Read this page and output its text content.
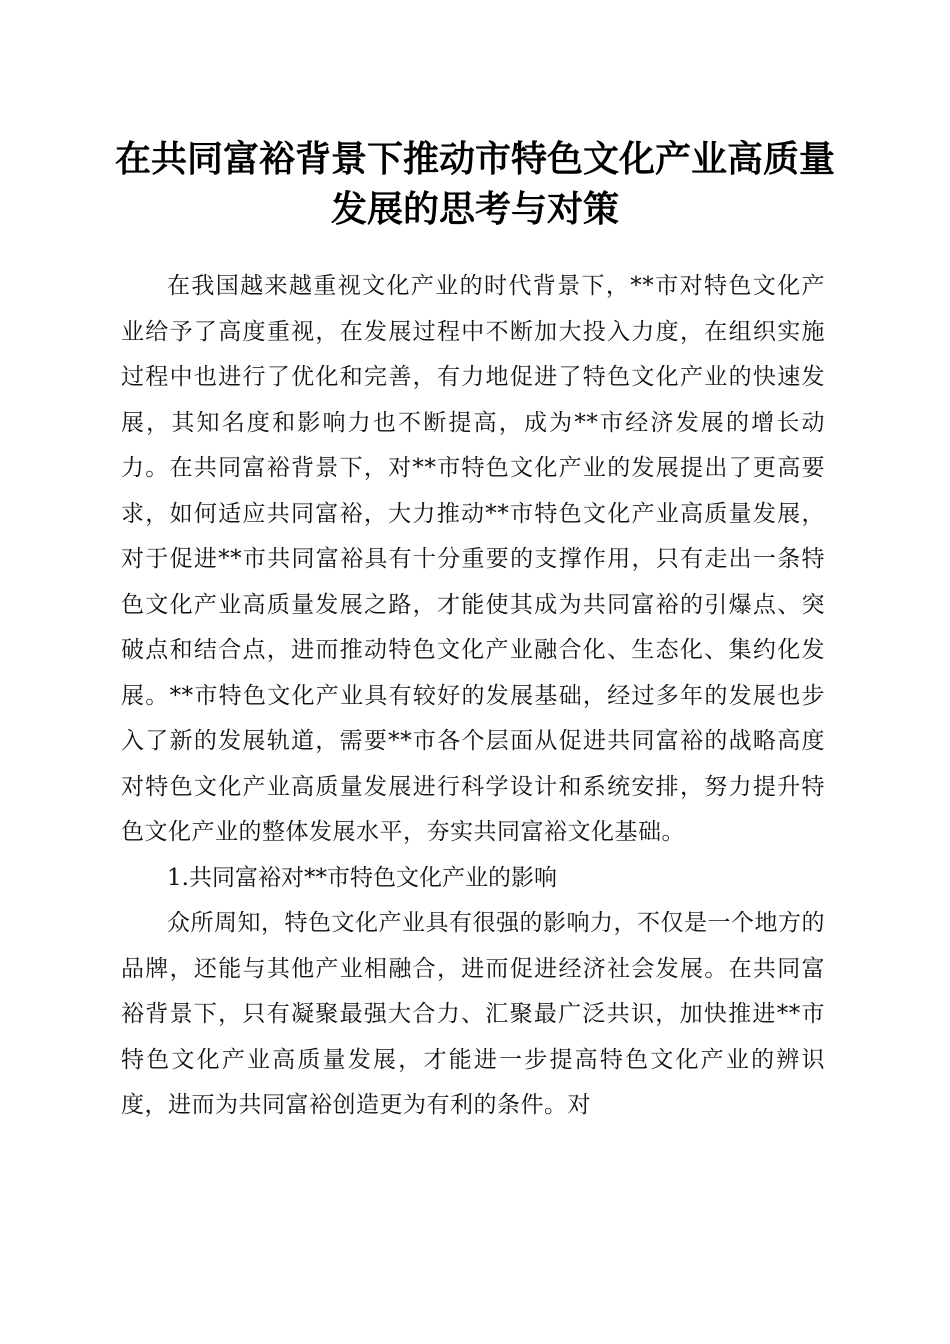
在共同富裕背景下推动市特色文化产业高质量
发展的思考与对策

在我国越来越重视文化产业的时代背景下，**市对特色文化产业给予了高度重视，在发展过程中不断加大投入力度，在组织实施过程中也进行了优化和完善，有力地促进了特色文化产业的快速发展，其知名度和影响力也不断提高，成为**市经济发展的增长动力。在共同富裕背景下，对**市特色文化产业的发展提出了更高要求，如何适应共同富裕，大力推动**市特色文化产业高质量发展，对于促进**市共同富裕具有十分重要的支撑作用，只有走出一条特色文化产业高质量发展之路，才能使其成为共同富裕的引爆点、突破点和结合点，进而推动特色文化产业融合化、生态化、集约化发展。**市特色文化产业具有较好的发展基础，经过多年的发展也步入了新的发展轨道，需要**市各个层面从促进共同富裕的战略高度对特色文化产业高质量发展进行科学设计和系统安排，努力提升特色文化产业的整体发展水平，夯实共同富裕文化基础。

1.共同富裕对**市特色文化产业的影响

众所周知，特色文化产业具有很强的影响力，不仅是一个地方的品牌，还能与其他产业相融合，进而促进经济社会发展。在共同富裕背景下，只有凝聚最强大合力、汇聚最广泛共识，加快推进**市特色文化产业高质量发展，才能进一步提高特色文化产业的辨识度，进而为共同富裕创造更为有利的条件。对
